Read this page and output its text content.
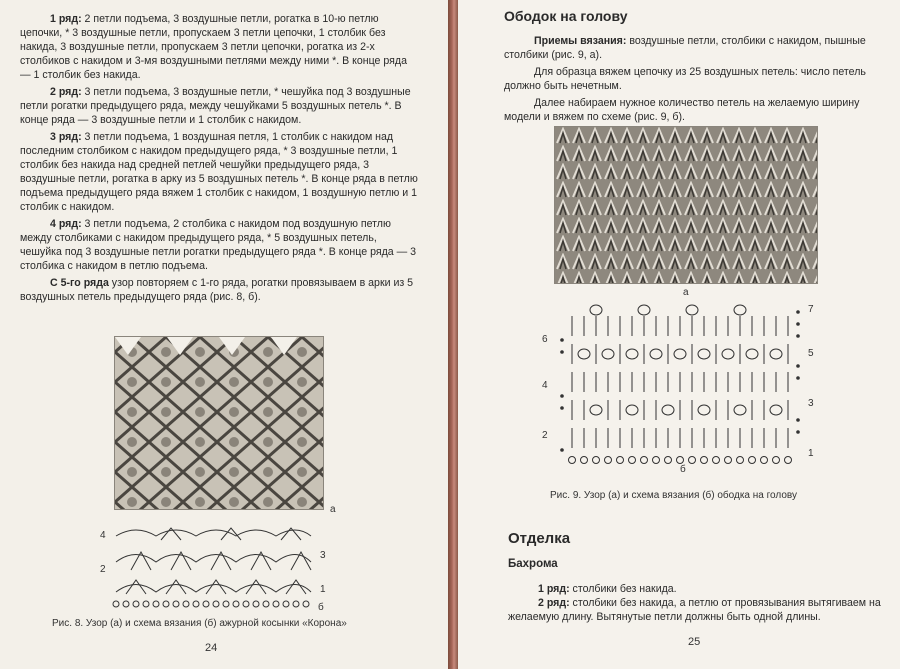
1 ряд: 2 петли подъема, 3 воздушные петли, рогатка в 10-ю петлю цепочки, * 3 воздушные петли, пропускаем 3 петли цепочки, 1 столбик без накида, 3 воздушные петли, пропускаем 3 петли цепочки, рогатка из 2-х столбиков с накидом и 3-мя воздушными петлями между ними *. В конце ряда — 1 столбик без накида.

2 ряд: 3 петли подъема, 3 воздушные петли, * чешуйка под 3 воздушные петли рогатки предыдущего ряда, между чешуйками 5 воздушных петель *. В конце ряда — 3 воздушные петли и 1 столбик с накидом.

3 ряд: 3 петли подъема, 1 воздушная петля, 1 столбик с накидом над последним столбиком с накидом предыдущего ряда, * 3 воздушные петли, 1 столбик без накида над средней петлей чешуйки предыдущего ряда, 3 воздушные петли, рогатка в арку из 5 воздушных петель *. В конце ряда в петлю подъема предыдущего ряда вяжем 1 столбик с накидом, 1 воздушную петлю и 1 столбик с накидом.

4 ряд: 3 петли подъема, 2 столбика с накидом под воздушную петлю между столбиками с накидом предыдущего ряда, * 5 воздушных петель, чешуйка под 3 воздушные петли рогатки предыдущего ряда *. В конце ряда — 3 столбика с накидом в петлю подъема.

С 5-го ряда узор повторяем с 1-го ряда, рогатки провязываем в арки из 5 воздушных петель предыдущего ряда (рис. 8, б).

а
4
3
2
1
б
Рис. 8. Узор (а) и схема вязания (б) ажурной косынки «Корона»
24
Ободок на голову

Приемы вязания: воздушные петли, столбики с накидом, пышные столбики (рис. 9, а).

Для образца вяжем цепочку из 25 воздушных петель: число петель должно быть нечетным.

Далее набираем нужное количество петель на желаемую ширину модели и вяжем по схеме (рис. 9, б).

а
7
6
5
4
3
2
1
б
Рис. 9. Узор (а) и схема вязания (б) ободка на голову
Отделка
Бахрома

1 ряд: столбики без накида.

2 ряд: столбики без накида, а петлю от провязывания вытягиваем на желаемую длину. Вытянутые петли должны быть одной длины.

25
